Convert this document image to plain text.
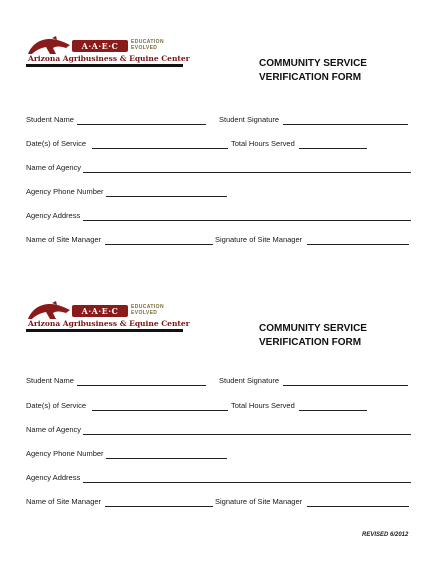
A·A·E·C	EDUCATION
EVOLVED
Arizona Agribusiness & Equine Center	COMMUNITY SERVICE
VERIFICATION FORM
Student Name	Student Signature
Date(s) of Service	Total Hours Served
Name of Agency
Agency Phone Number
Agency Address
Name of Site Manager	Signature of Site Manager
A·A·E·C	EDUCATION
EVOLVED
Arizona Agribusiness & Equine Center	COMMUNITY SERVICE
VERIFICATION FORM
Student Name	Student Signature
Date(s) of Service	Total Hours Served
Name of Agency
Agency Phone Number
Agency Address
Name of Site Manager	Signature of Site Manager
REVISED 6/2012
